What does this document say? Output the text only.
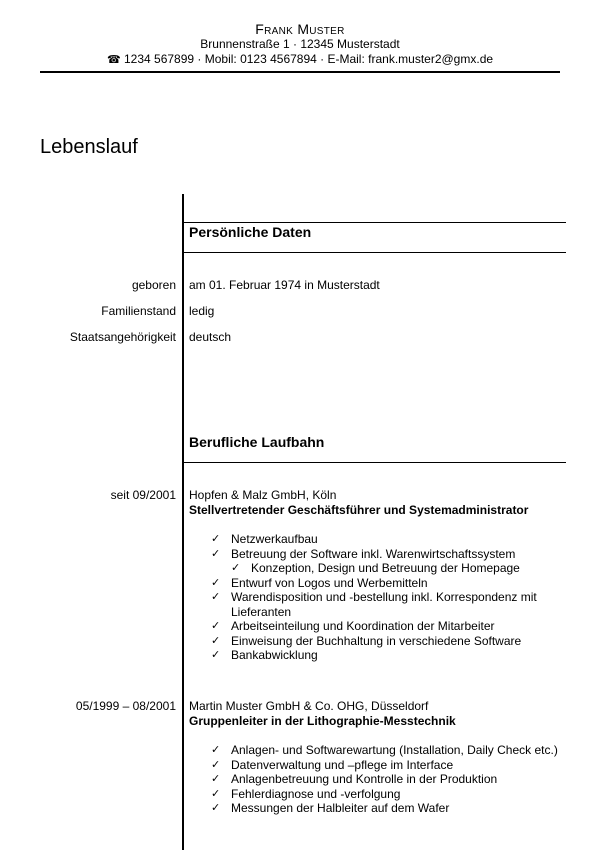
Frank Muster
Brunnenstraße 1 · 12345 Musterstadt
☎ 1234 567899 · Mobil: 0123 4567894 · E-Mail: frank.muster2@gmx.de
Lebenslauf
Persönliche Daten
geboren am 01. Februar 1974 in Musterstadt
Familienstand ledig
Staatsangehörigkeit deutsch
Berufliche Laufbahn
seit 09/2001 Hopfen & Malz GmbH, Köln
Stellvertretender Geschäftsführer und Systemadministrator
✓ Netzwerkaufbau
✓ Betreuung der Software inkl. Warenwirtschaftssystem
✓ Konzeption, Design und Betreuung der Homepage
✓ Entwurf von Logos und Werbemitteln
✓ Warendisposition und -bestellung inkl. Korrespondenz mit Lieferanten
✓ Arbeitseinteilung und Koordination der Mitarbeiter
✓ Einweisung der Buchhaltung in verschiedene Software
✓ Bankabwicklung
05/1999 – 08/2001 Martin Muster GmbH & Co. OHG, Düsseldorf
Gruppenleiter in der Lithographie-Messtechnik
✓ Anlagen- und Softwarewartung (Installation, Daily Check etc.)
✓ Datenverwaltung und –pflege im Interface
✓ Anlagenbetreuung und Kontrolle in der Produktion
✓ Fehlerdiagnose und -verfolgung
✓ Messungen der Halbleiter auf dem Wafer
